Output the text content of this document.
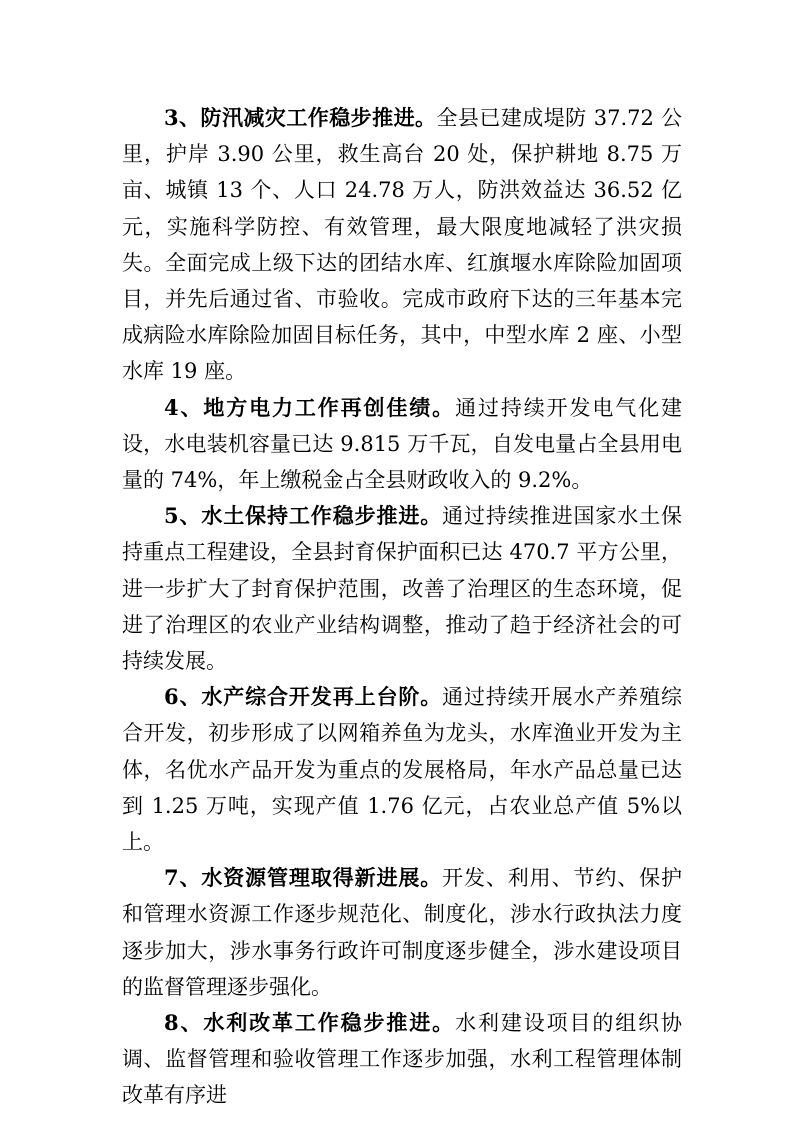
3、防汛减灾工作稳步推进。全县已建成堤防 37.72 公里，护岸 3.90 公里，救生高台 20 处，保护耕地 8.75 万亩、城镇 13 个、人口 24.78 万人，防洪效益达 36.52 亿元，实施科学防控、有效管理，最大限度地减轻了洪灾损失。全面完成上级下达的团结水库、红旗堰水库除险加固项目，并先后通过省、市验收。完成市政府下达的三年基本完成病险水库除险加固目标任务，其中，中型水库 2 座、小型水库 19 座。

4、地方电力工作再创佳绩。通过持续开发电气化建设，水电装机容量已达 9.815 万千瓦，自发电量占全县用电量的 74%，年上缴税金占全县财政收入的 9.2%。

5、水土保持工作稳步推进。通过持续推进国家水土保持重点工程建设，全县封育保护面积已达 470.7 平方公里，进一步扩大了封育保护范围，改善了治理区的生态环境，促进了治理区的农业产业结构调整，推动了趋于经济社会的可持续发展。

6、水产综合开发再上台阶。通过持续开展水产养殖综合开发，初步形成了以网箱养鱼为龙头，水库渔业开发为主体，名优水产品开发为重点的发展格局，年水产品总量已达到 1.25 万吨，实现产值 1.76 亿元，占农业总产值 5%以上。

7、水资源管理取得新进展。开发、利用、节约、保护和管理水资源工作逐步规范化、制度化，涉水行政执法力度逐步加大，涉水事务行政许可制度逐步健全，涉水建设项目的监督管理逐步强化。

8、水利改革工作稳步推进。水利建设项目的组织协调、监督管理和验收管理工作逐步加强，水利工程管理体制改革有序进
